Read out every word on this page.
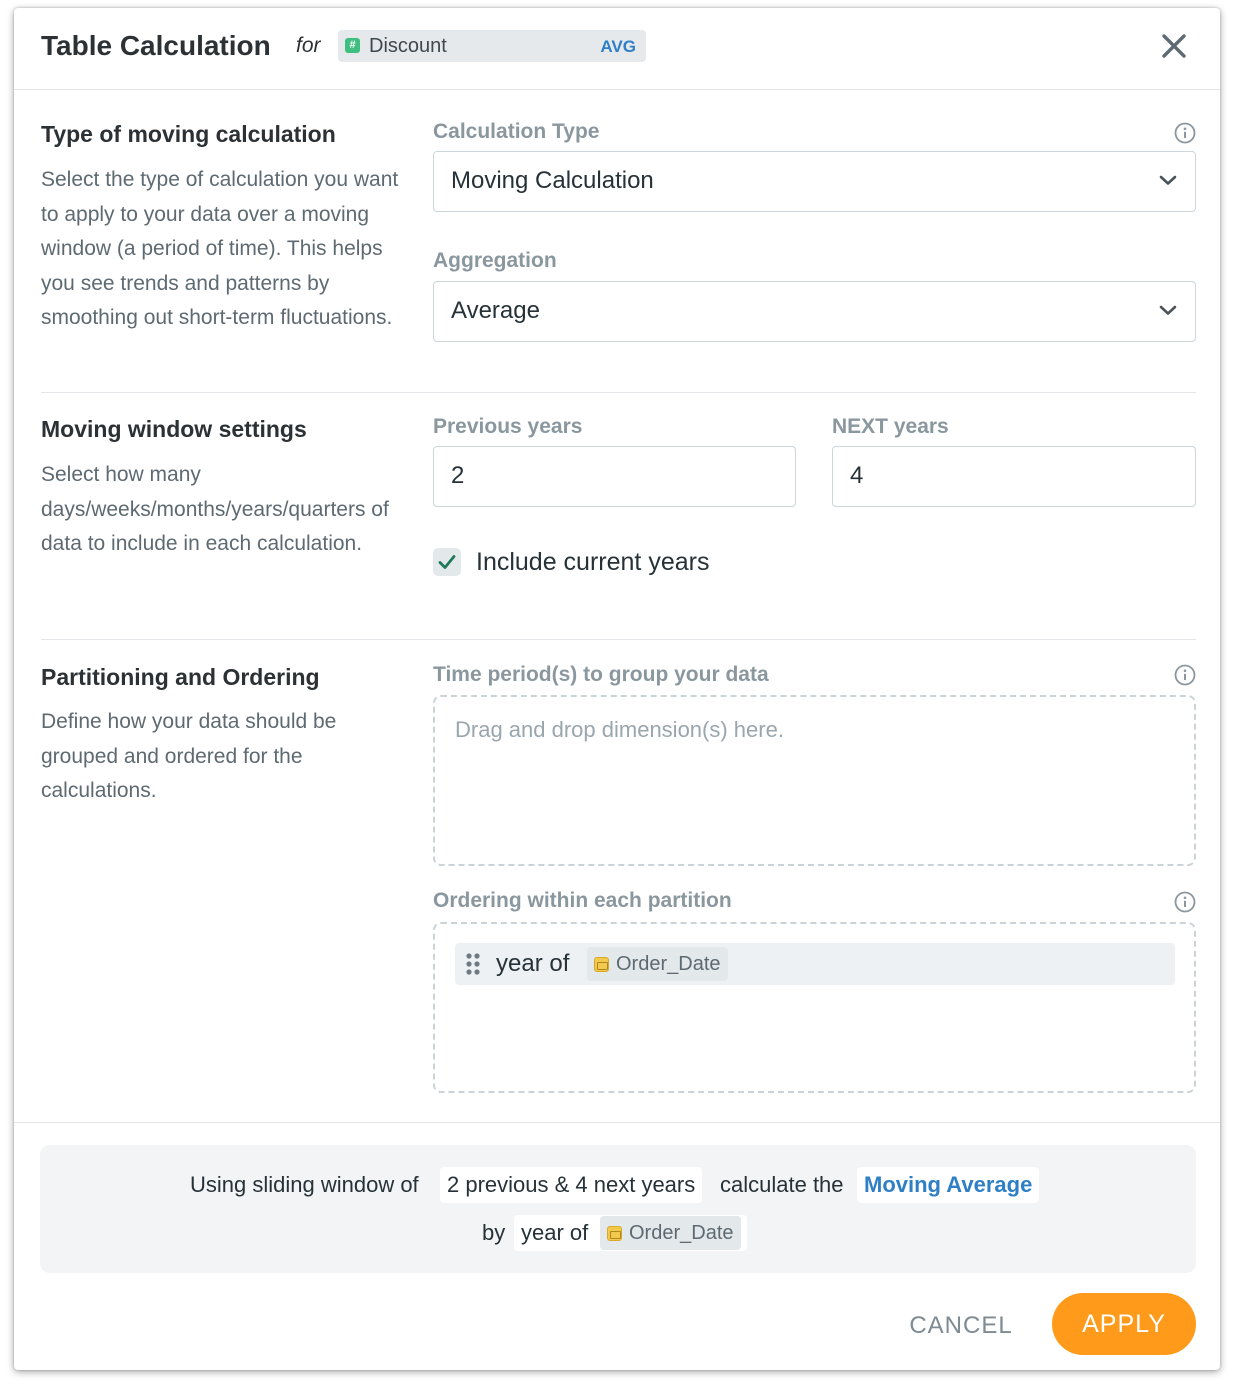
Table Calculation for	# Discount	AVG
Type of moving calculation
Select the type of calculation you want to apply to your data over a moving window (a period of time). This helps you see trends and patterns by smoothing out short-term fluctuations.
Calculation Type
Moving Calculation
Aggregation
Average
Moving window settings
Select how many days/weeks/months/years/quarters of data to include in each calculation.
Previous years
2
NEXT years
4
Include current years
Partitioning and Ordering
Define how your data should be grouped and ordered for the calculations.
Time period(s) to group your data
Drag and drop dimension(s) here.
Ordering within each partition
year of Order_Date
Using sliding window of	2 previous & 4 next years	calculate the Moving Average
by year of Order_Date
CANCEL	APPLY
